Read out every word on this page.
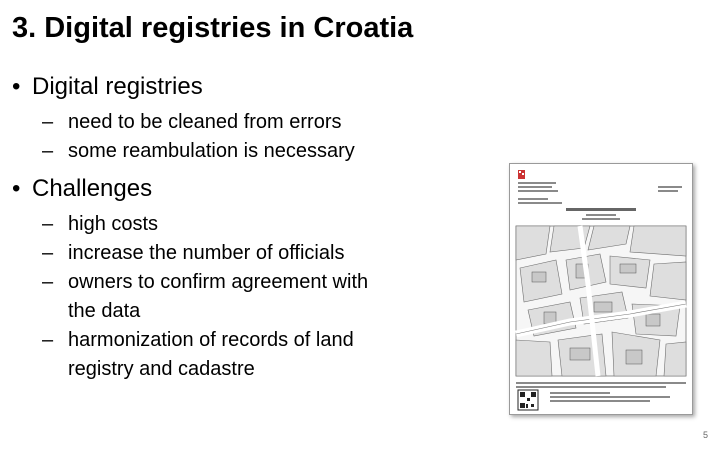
3. Digital registries in Croatia
• Digital registries
– need to be cleaned from errors
– some reambulation is necessary
• Challenges
– high costs
– increase the number of officials
– owners to confirm agreement with the data
– harmonization of records of land registry and cadastre
5
